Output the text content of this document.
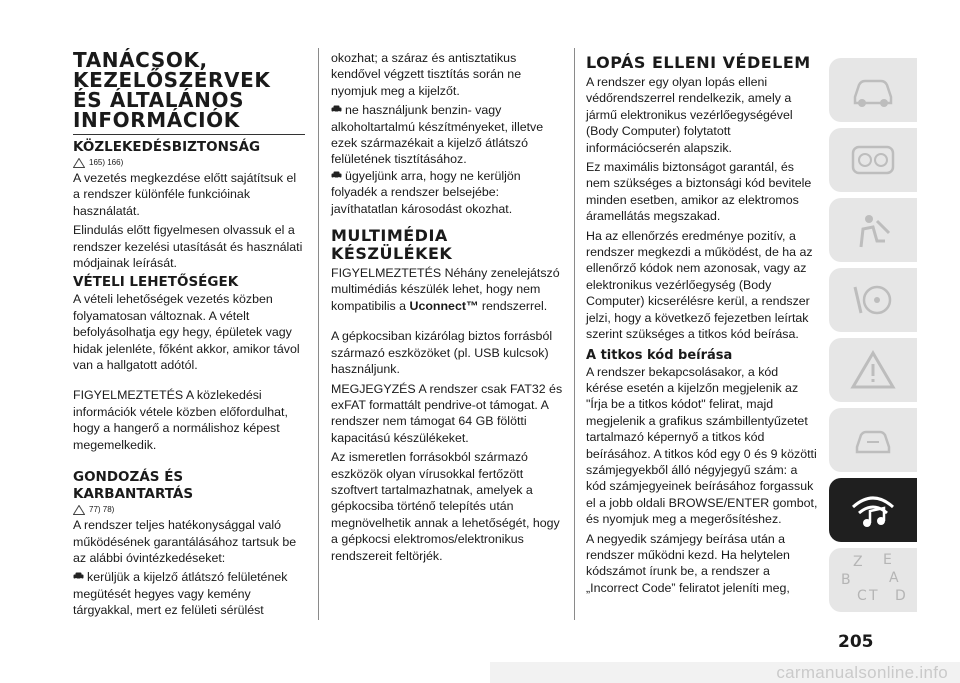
TANÁCSOK,
KEZELŐSZERVEK
ÉS ÁLTALÁNOS
INFORMÁCIÓK
KÖZLEKEDÉSBIZTONSÁG
165) 166)

A vezetés megkezdése előtt sajátítsuk el a rendszer különféle funkcióinak használatát.

Elindulás előtt figyelmesen olvassuk el a rendszer kezelési utasítását és használati módjainak leírását.

VÉTELI LEHETŐSÉGEK

A vételi lehetőségek vezetés közben folyamatosan változnak. A vételt befolyásolhatja egy hegy, épületek vagy hidak jelenléte, főként akkor, amikor távol van a hallgatott adótól.

FIGYELMEZTETÉS A közlekedési információk vétele közben előfordulhat, hogy a hangerő a normálishoz képest megemelkedik.

GONDOZÁS ÉS KARBANTARTÁS
77) 78)

A rendszer teljes hatékonysággal való működésének garantálásához tartsuk be az alábbi óvintézkedéseket:

kerüljük a kijelző átlátszó felületének megütését hegyes vagy kemény tárgyakkal, mert ez felületi sérülést

okozhat; a száraz és antisztatikus kendővel végzett tisztítás során ne nyomjuk meg a kijelzőt.

ne használjunk benzin- vagy alkoholtartalmú készítményeket, illetve ezek származékait a kijelző átlátszó felületének tisztításához.

ügyeljünk arra, hogy ne kerüljön folyadék a rendszer belsejébe: javíthatatlan károsodást okozhat.

MULTIMÉDIA KÉSZÜLÉKEK

FIGYELMEZTETÉS Néhány zenelejátszó multimédiás készülék lehet, hogy nem kompatibilis a Uconnect™ rendszerrel.

A gépkocsiban kizárólag biztos forrásból származó eszközöket (pl. USB kulcsok) használjunk.

MEGJEGYZÉS A rendszer csak FAT32 és exFAT formattált pendrive-ot támogat. A rendszer nem támogat 64 GB fölötti kapacitású készülékeket.

Az ismeretlen forrásokból származó eszközök olyan vírusokkal fertőzött szoftvert tartalmazhatnak, amelyek a gépkocsiba történő telepítés után megnövelhetik annak a lehetőségét, hogy a gépkocsi elektromos/elektronikus rendszereit feltörjék.

LOPÁS ELLENI VÉDELEM

A rendszer egy olyan lopás elleni védőrendszerrel rendelkezik, amely a jármű elektronikus vezérlőegységével (Body Computer) folytatott információcserén alapszik.

Ez maximális biztonságot garantál, és nem szükséges a biztonsági kód bevitele minden esetben, amikor az elektromos áramellátás megszakad.

Ha az ellenőrzés eredménye pozitív, a rendszer megkezdi a működést, de ha az ellenőrző kódok nem azonosak, vagy az elektronikus vezérlőegység (Body Computer) kicserélésre kerül, a rendszer jelzi, hogy a következő fejezetben leírtak szerint szükséges a titkos kód beírása.

A titkos kód beírása

A rendszer bekapcsolásakor, a kód kérése esetén a kijelzőn megjelenik az "Írja be a titkos kódot" felirat, majd megjelenik a grafikus számbillentyűzetet tartalmazó képernyő a titkos kód beírásához. A titkos kód egy 0 és 9 közötti számjegyekből álló négyjegyű szám: a kód számjegyeinek beírásához forgassuk el a jobb oldali BROWSE/ENTER gombot, és nyomjuk meg a megerősítéshez.

A negyedik számjegy beírása után a rendszer működni kezd. Ha helytelen kódszámot írunk be, a rendszer a „Incorrect Code” feliratot jeleníti meg,

Z E
B	A
C T D
205
carmanualsonline.info
